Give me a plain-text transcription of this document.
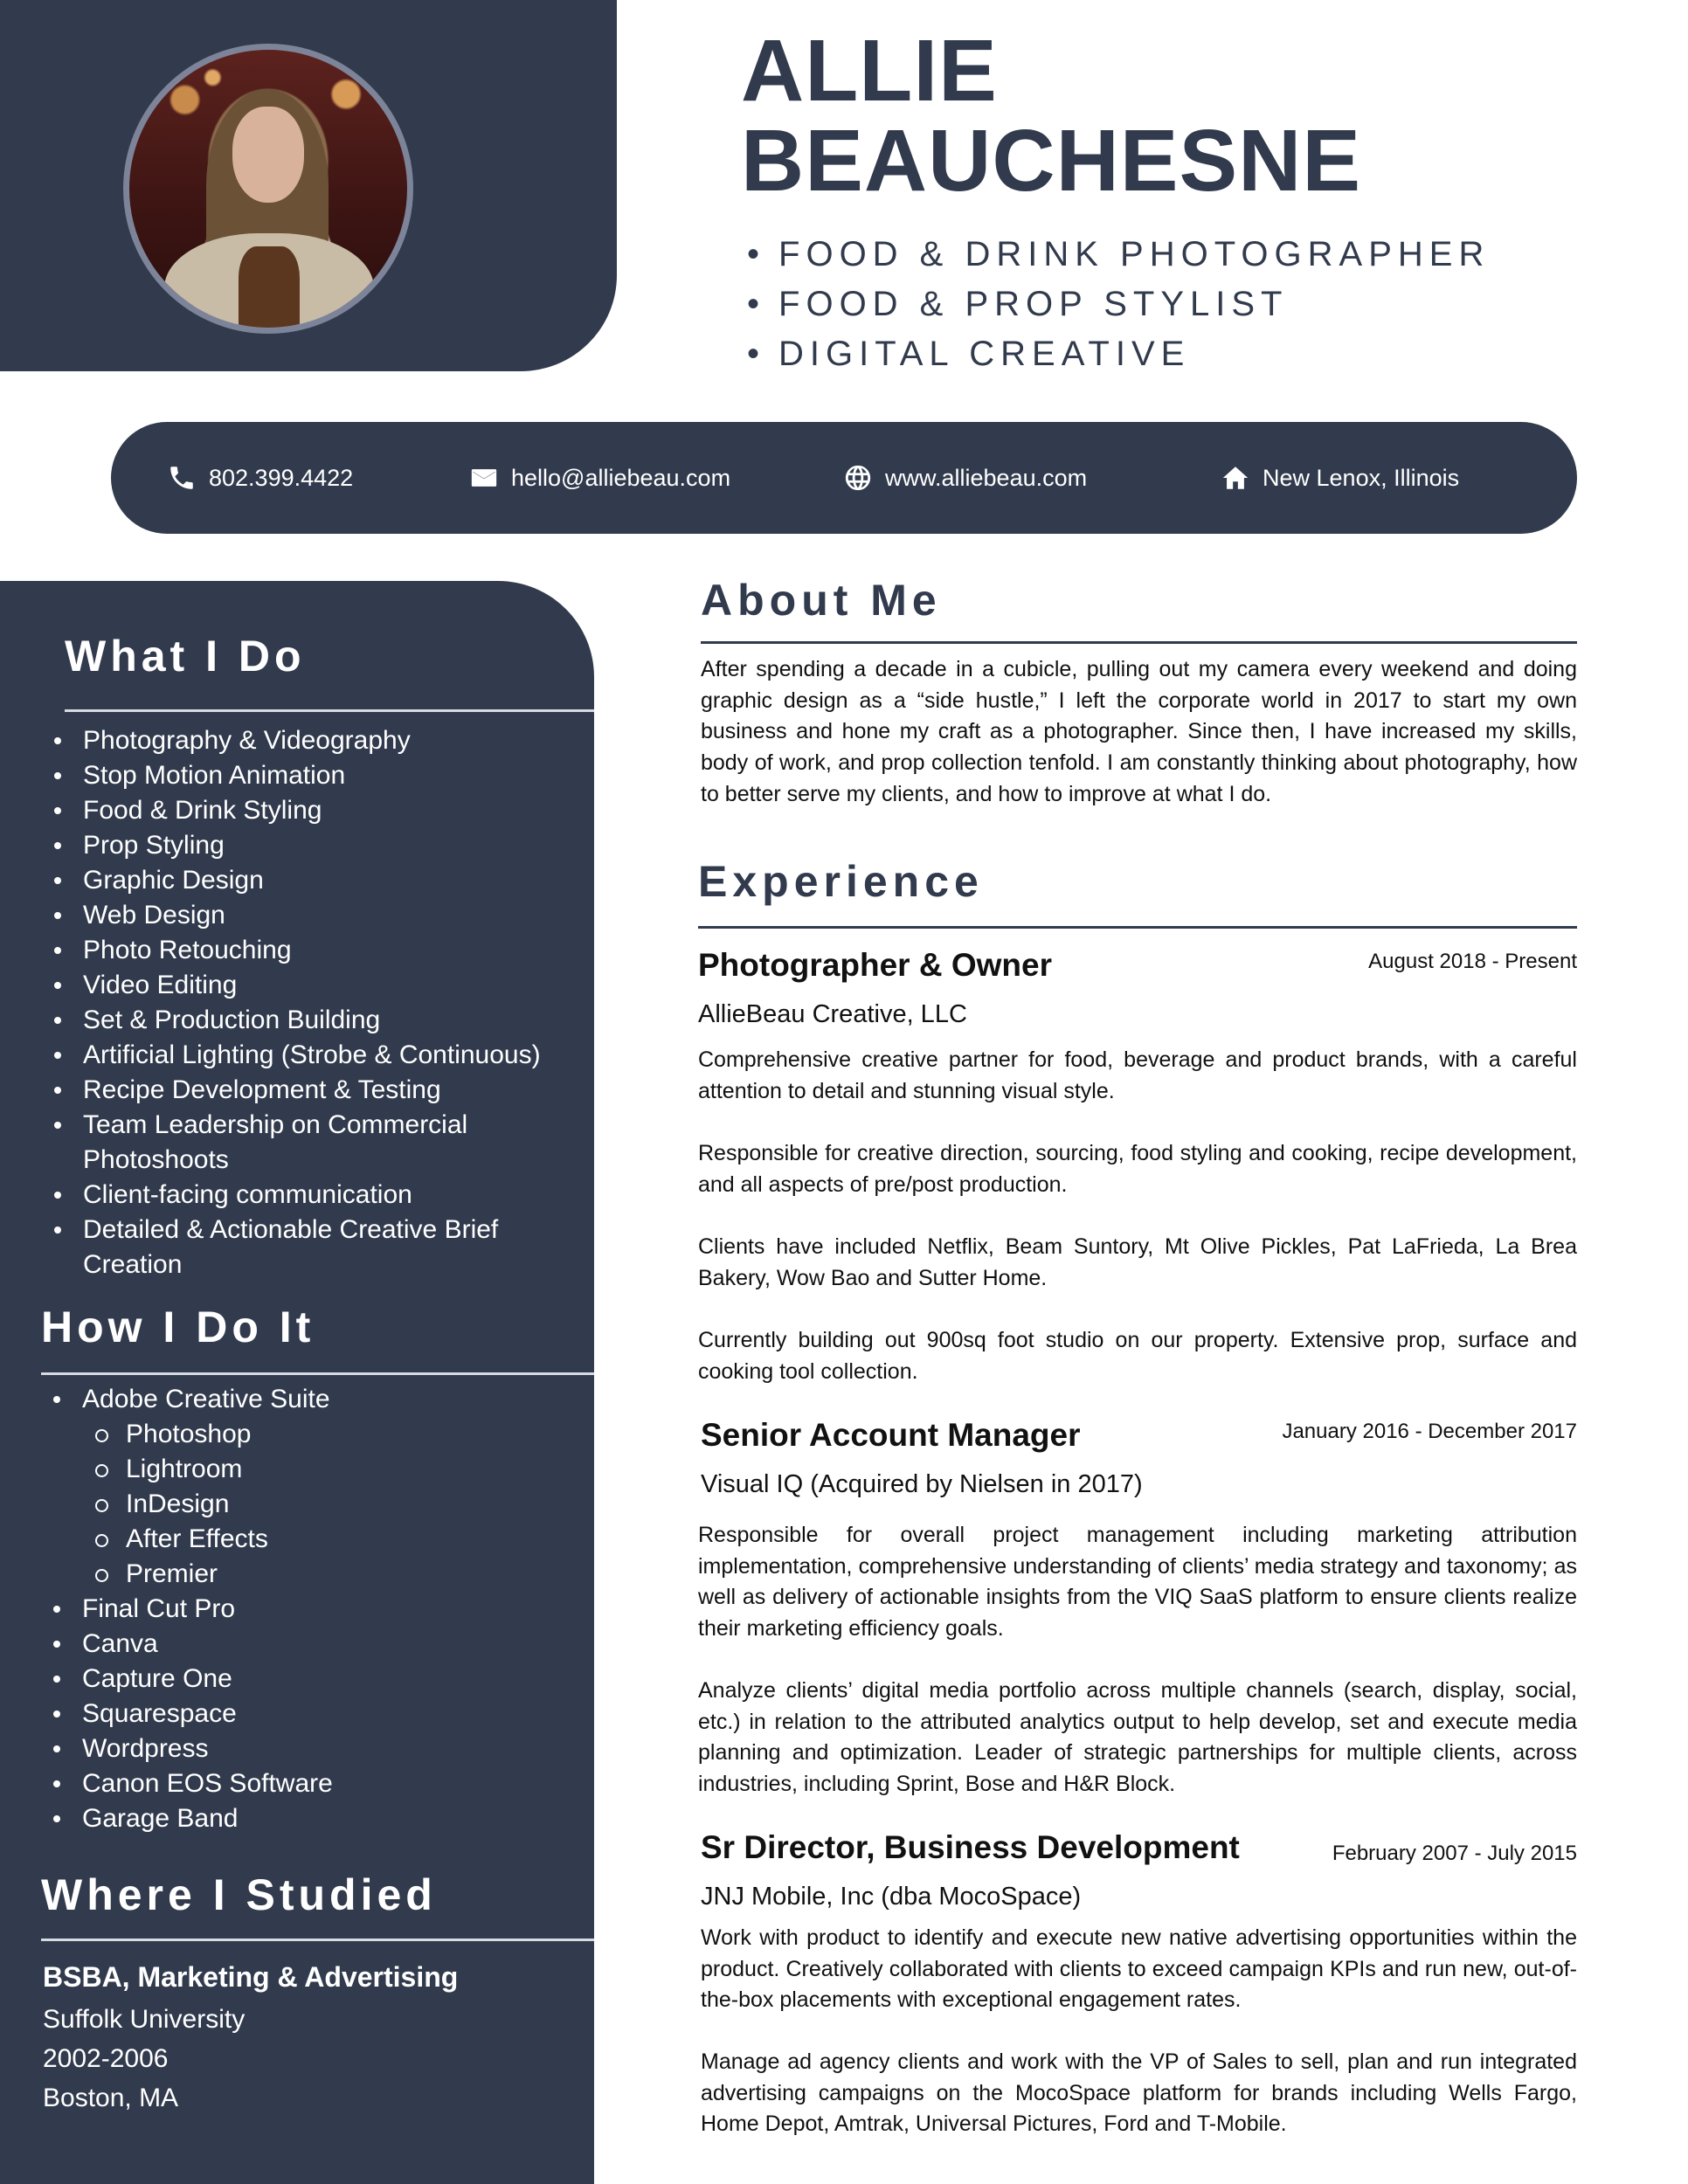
ALLIE
BEAUCHESNE
• FOOD & DRINK PHOTOGRAPHER
• FOOD & PROP STYLIST
• DIGITAL CREATIVE
802.399.4422	hello@alliebeau.com	www.alliebeau.com	New Lenox, Illinois
What I Do
Photography & Videography
Stop Motion Animation
Food & Drink Styling
Prop Styling
Graphic Design
Web Design
Photo Retouching
Video Editing
Set & Production Building
Artificial Lighting (Strobe & Continuous)
Recipe Development & Testing
Team Leadership on Commercial Photoshoots
Client-facing communication
Detailed & Actionable Creative Brief Creation
How I Do It
Adobe Creative Suite
Photoshop
Lightroom
InDesign
After Effects
Premier
Final Cut Pro
Canva
Capture One
Squarespace
Wordpress
Canon EOS Software
Garage Band
Where I Studied
BSBA, Marketing & Advertising
Suffolk University
2002-2006
Boston, MA
About Me
After spending a decade in a cubicle, pulling out my camera every weekend and doing graphic design as a “side hustle,” I left the corporate world in 2017 to start my own business and hone my craft as a photographer. Since then, I have increased my skills, body of work, and prop collection tenfold. I am constantly thinking about photography, how to better serve my clients, and how to improve at what I do.
Experience
Photographer & Owner	August 2018 - Present
AllieBeau Creative, LLC
Comprehensive creative partner for food, beverage and product brands, with a careful attention to detail and stunning visual style.
Responsible for creative direction, sourcing, food styling and cooking, recipe development, and all aspects of pre/post production.
Clients have included Netflix, Beam Suntory, Mt Olive Pickles, Pat LaFrieda, La Brea Bakery, Wow Bao and Sutter Home.
Currently building out 900sq foot studio on our property. Extensive prop, surface and cooking tool collection.
Senior Account Manager	January 2016 - December 2017
Visual IQ (Acquired by Nielsen in 2017)
Responsible for overall project management including marketing attribution implementation, comprehensive understanding of clients’ media strategy and taxonomy; as well as delivery of actionable insights from the VIQ SaaS platform to ensure clients realize their marketing efficiency goals.
Analyze clients’ digital media portfolio across multiple channels (search, display, social, etc.) in relation to the attributed analytics output to help develop, set and execute media planning and optimization. Leader of strategic partnerships for multiple clients, across industries, including Sprint, Bose and H&R Block.
Sr Director, Business Development	February 2007 - July 2015
JNJ Mobile, Inc (dba MocoSpace)
Work with product to identify and execute new native advertising opportunities within the product. Creatively collaborated with clients to exceed campaign KPIs and run new, out-of-the-box placements with exceptional engagement rates.
Manage ad agency clients and work with the VP of Sales to sell, plan and run integrated advertising campaigns on the MocoSpace platform for brands including Wells Fargo, Home Depot, Amtrak, Universal Pictures, Ford and T-Mobile.
